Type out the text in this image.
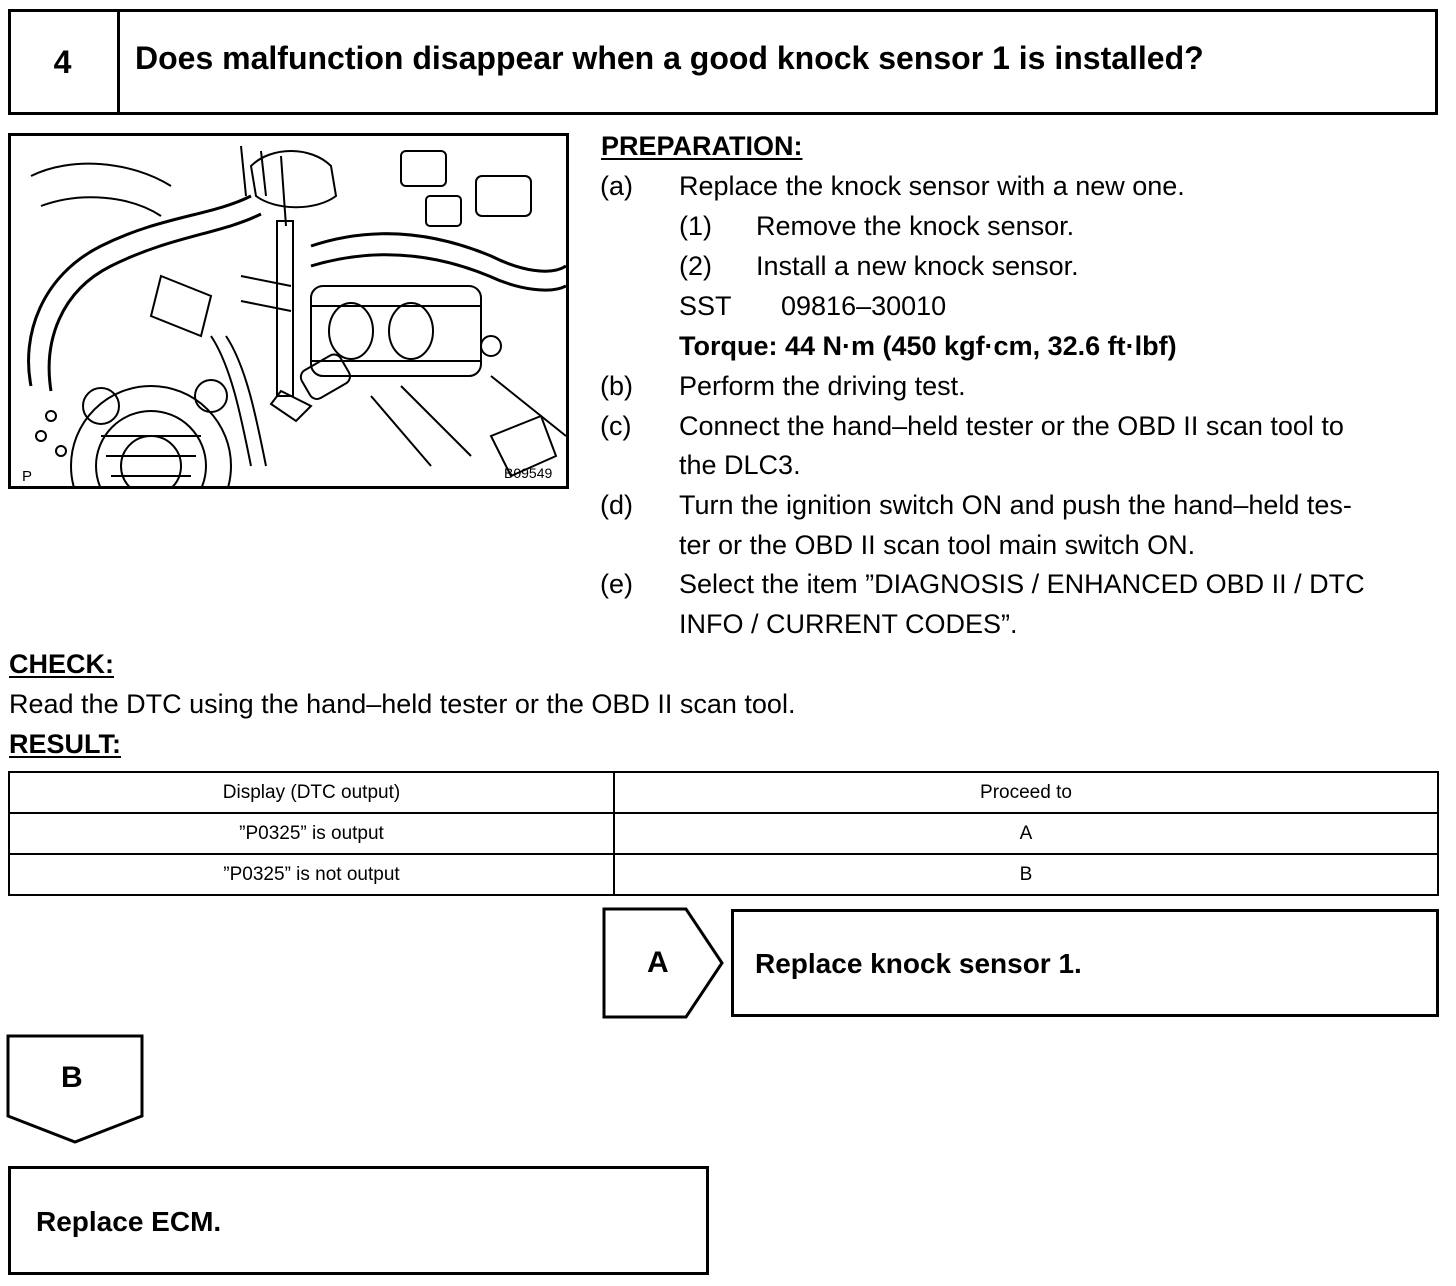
4	Does malfunction disappear when a good knock sensor 1 is installed?
P	B09549
PREPARATION:
(a) Replace the knock sensor with a new one.
(1) Remove the knock sensor.
(2) Install a new knock sensor.
SST 09816–30010
Torque: 44 N·m (450 kgf·cm, 32.6 ft·lbf)
(b) Perform the driving test.
(c) Connect the hand–held tester or the OBD II scan tool to
the DLC3.
(d) Turn the ignition switch ON and push the hand–held tes-
ter or the OBD II scan tool main switch ON.
(e) Select the item ”DIAGNOSIS / ENHANCED OBD II / DTC
INFO / CURRENT CODES”.
CHECK:
Read the DTC using the hand–held tester or the OBD II scan tool.
RESULT:
Display (DTC output)	Proceed to
”P0325” is output	A
”P0325” is not output	B
A	Replace knock sensor 1.
B
Replace ECM.
